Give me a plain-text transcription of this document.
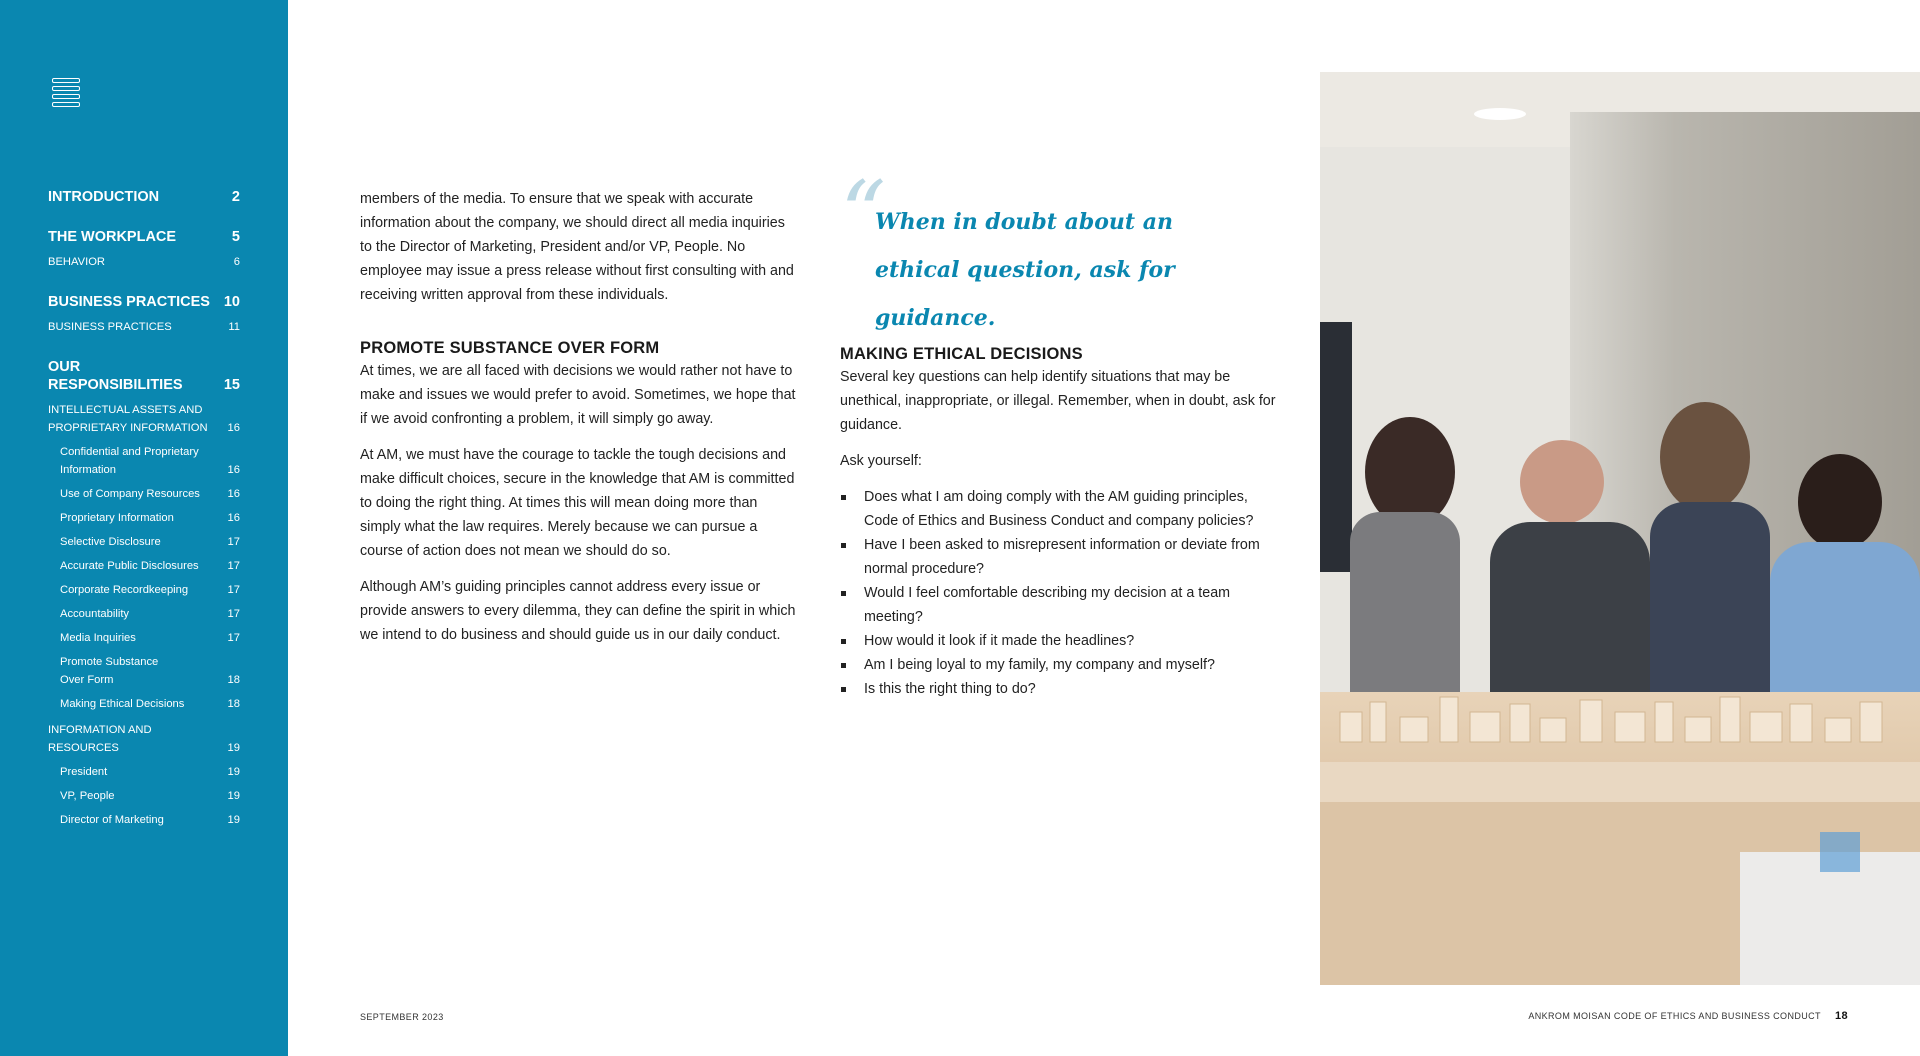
INTRODUCTION	2
THE WORKPLACE	5
BEHAVIOR	6
BUSINESS PRACTICES 10
BUSINESS PRACTICES	11
OUR RESPONSIBILITIES	15
INTELLECTUAL ASSETS AND PROPRIETARY INFORMATION	16
Confidential and Proprietary Information	16
Use of Company Resources	16
Proprietary Information	16
Selective Disclosure	17
Accurate Public Disclosures	17
Corporate Recordkeeping	17
Accountability	17
Media Inquiries	17
Promote Substance Over Form	18
Making Ethical Decisions	18
INFORMATION AND RESOURCES	19
President	19
VP, People	19
Director of Marketing	19

members of the media. To ensure that we speak with accurate information about the company, we should direct all media inquiries to the Director of Marketing, President and/or VP, People. No employee may issue a press release without first consulting with and receiving written approval from these individuals.

PROMOTE SUBSTANCE OVER FORM

At times, we are all faced with decisions we would rather not have to make and issues we would prefer to avoid. Sometimes, we hope that if we avoid confronting a problem, it will simply go away.

At AM, we must have the courage to tackle the tough decisions and make difficult choices, secure in the knowledge that AM is committed to doing the right thing. At times this will mean doing more than simply what the law requires. Merely because we can pursue a course of action does not mean we should do so.

Although AM’s guiding principles cannot address every issue or provide answers to every dilemma, they can define the spirit in which we intend to do business and should guide us in our daily conduct.

“
When in doubt about an ethical question, ask for guidance.
MAKING ETHICAL DECISIONS

Several key questions can help identify situations that may be unethical, inappropriate, or illegal. Remember, when in doubt, ask for guidance.

Ask yourself:

Does what I am doing comply with the AM guiding principles, Code of Ethics and Business Conduct and company policies?
Have I been asked to misrepresent information or deviate from normal procedure?
Would I feel comfortable describing my decision at a team meeting?
How would it look if it made the headlines?
Am I being loyal to my family, my company and myself?
Is this the right thing to do?
SEPTEMBER 2023	ANKROM MOISAN CODE OF ETHICS AND BUSINESS CONDUCT 18
